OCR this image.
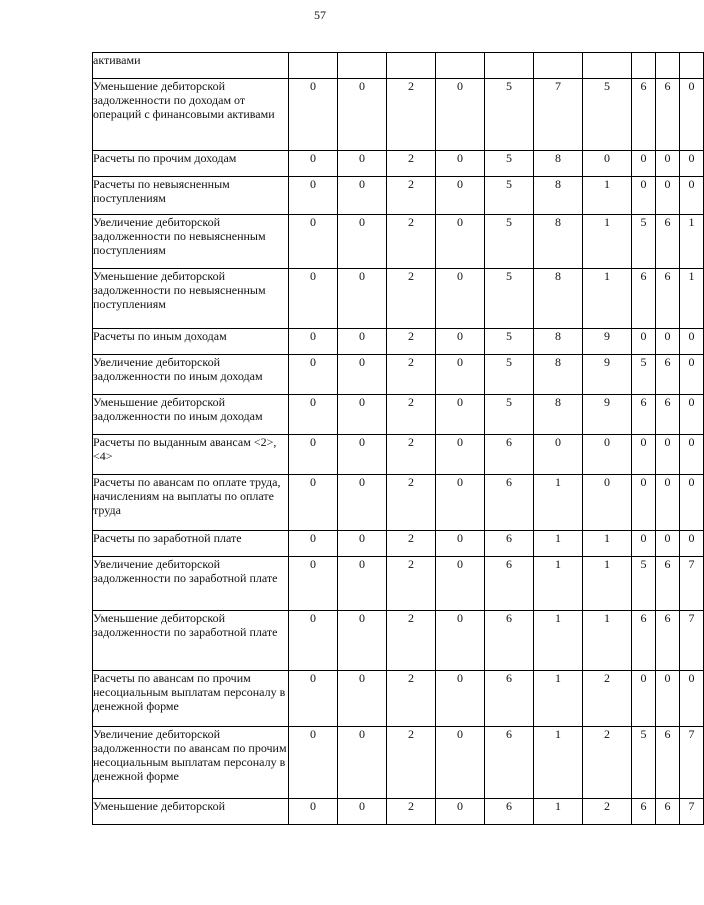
57
активами										
Уменьшение дебиторской задолженности по доходам от операций с финансовыми активами	0	0	2	0	5	7	5	6	6	0
Расчеты по прочим доходам	0	0	2	0	5	8	0	0	0	0
Расчеты по невыясненным поступлениям	0	0	2	0	5	8	1	0	0	0
Увеличение дебиторской задолженности по невыясненным поступлениям	0	0	2	0	5	8	1	5	6	1
Уменьшение дебиторской задолженности по невыясненным поступлениям	0	0	2	0	5	8	1	6	6	1
Расчеты по иным доходам	0	0	2	0	5	8	9	0	0	0
Увеличение дебиторской задолженности по иным доходам	0	0	2	0	5	8	9	5	6	0
Уменьшение дебиторской задолженности по иным доходам	0	0	2	0	5	8	9	6	6	0
Расчеты по выданным авансам <2>, <4>	0	0	2	0	6	0	0	0	0	0
Расчеты по авансам по оплате труда, начислениям на выплаты по оплате труда	0	0	2	0	6	1	0	0	0	0
Расчеты по заработной плате	0	0	2	0	6	1	1	0	0	0
Увеличение дебиторской задолженности по заработной плате	0	0	2	0	6	1	1	5	6	7
Уменьшение дебиторской задолженности по заработной плате	0	0	2	0	6	1	1	6	6	7
Расчеты по авансам по прочим несоциальным выплатам персоналу в денежной форме	0	0	2	0	6	1	2	0	0	0
Увеличение дебиторской задолженности по авансам по прочим несоциальным выплатам персоналу в денежной форме	0	0	2	0	6	1	2	5	6	7
Уменьшение дебиторской	0	0	2	0	6	1	2	6	6	7
